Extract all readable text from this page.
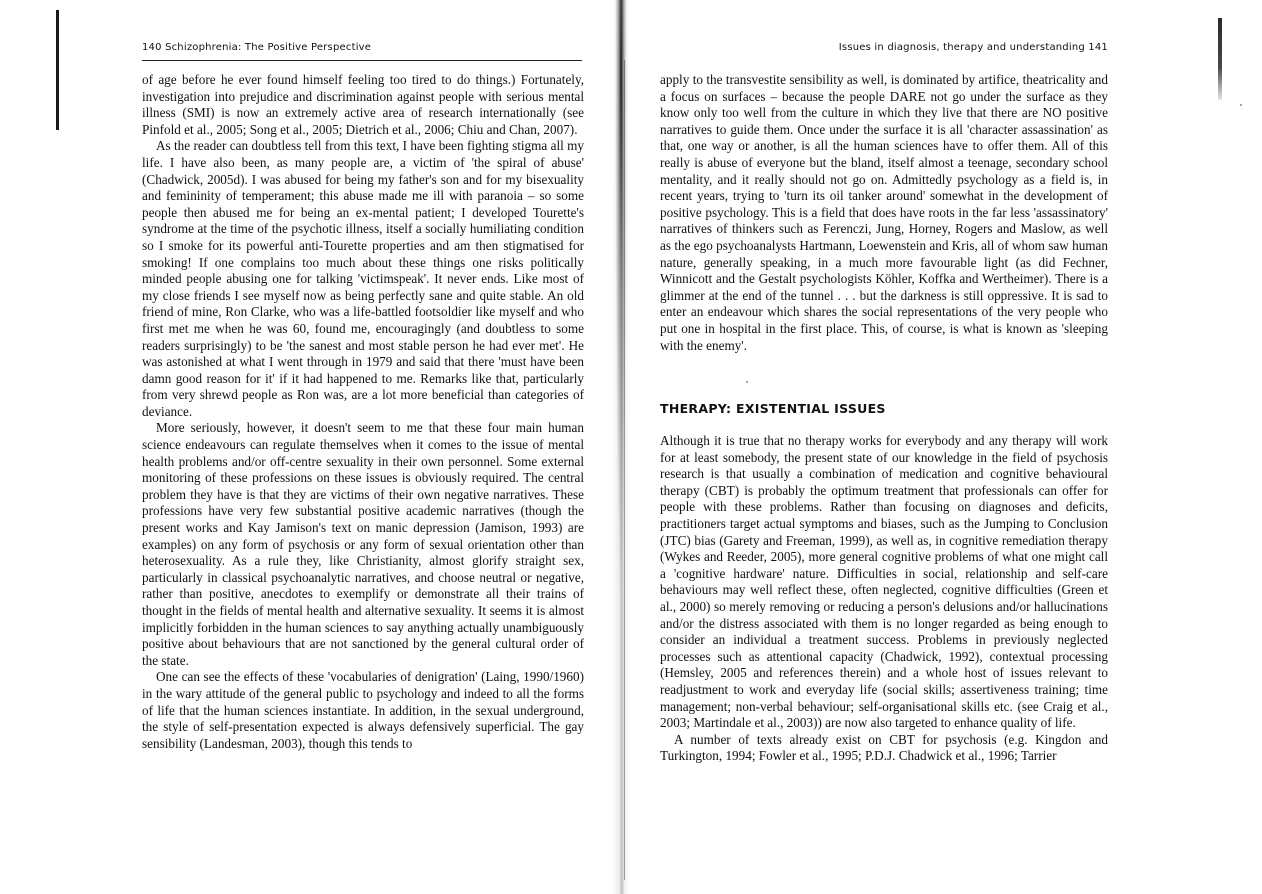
140 Schizophrenia: The Positive Perspective

of age before he ever found himself feeling too tired to do things.) Fortunately, investigation into prejudice and discrimination against people with serious mental illness (SMI) is now an extremely active area of research internationally (see Pinfold et al., 2005; Song et al., 2005; Dietrich et al., 2006; Chiu and Chan, 2007).

As the reader can doubtless tell from this text, I have been fighting stigma all my life. I have also been, as many people are, a victim of 'the spiral of abuse' (Chadwick, 2005d). I was abused for being my father's son and for my bisexuality and femininity of temperament; this abuse made me ill with paranoia – so some people then abused me for being an ex-mental patient; I developed Tourette's syndrome at the time of the psychotic illness, itself a socially humiliating condition so I smoke for its powerful anti-Tourette properties and am then stigmatised for smoking! If one complains too much about these things one risks politically minded people abusing one for talking 'victimspeak'. It never ends. Like most of my close friends I see myself now as being perfectly sane and quite stable. An old friend of mine, Ron Clarke, who was a life-battled footsoldier like myself and who first met me when he was 60, found me, encouragingly (and doubtless to some readers surprisingly) to be 'the sanest and most stable person he had ever met'. He was astonished at what I went through in 1979 and said that there 'must have been damn good reason for it' if it had happened to me. Remarks like that, particularly from very shrewd people as Ron was, are a lot more beneficial than categories of deviance.

More seriously, however, it doesn't seem to me that these four main human science endeavours can regulate themselves when it comes to the issue of mental health problems and/or off-centre sexuality in their own personnel. Some external monitoring of these professions on these issues is obviously required. The central problem they have is that they are victims of their own negative narratives. These professions have very few substantial positive academic narratives (though the present works and Kay Jamison's text on manic depression (Jamison, 1993) are examples) on any form of psychosis or any form of sexual orientation other than heterosexuality. As a rule they, like Christianity, almost glorify straight sex, particularly in classical psychoanalytic narratives, and choose neutral or negative, rather than positive, anecdotes to exemplify or demonstrate all their trains of thought in the fields of mental health and alternative sexuality. It seems it is almost implicitly forbidden in the human sciences to say anything actually unambiguously positive about behaviours that are not sanctioned by the general cultural order of the state.

One can see the effects of these 'vocabularies of denigration' (Laing, 1990/1960) in the wary attitude of the general public to psychology and indeed to all the forms of life that the human sciences instantiate. In addition, in the sexual underground, the style of self-presentation expected is always defensively superficial. The gay sensibility (Landesman, 2003), though this tends to

Issues in diagnosis, therapy and understanding 141

apply to the transvestite sensibility as well, is dominated by artifice, theatricality and a focus on surfaces – because the people DARE not go under the surface as they know only too well from the culture in which they live that there are NO positive narratives to guide them. Once under the surface it is all 'character assassination' as that, one way or another, is all the human sciences have to offer them. All of this really is abuse of everyone but the bland, itself almost a teenage, secondary school mentality, and it really should not go on. Admittedly psychology as a field is, in recent years, trying to 'turn its oil tanker around' somewhat in the development of positive psychology. This is a field that does have roots in the far less 'assassinatory' narratives of thinkers such as Ferenczi, Jung, Horney, Rogers and Maslow, as well as the ego psychoanalysts Hartmann, Loewenstein and Kris, all of whom saw human nature, generally speaking, in a much more favourable light (as did Fechner, Winnicott and the Gestalt psychologists Köhler, Koffka and Wertheimer). There is a glimmer at the end of the tunnel . . . but the darkness is still oppressive. It is sad to enter an endeavour which shares the social representations of the very people who put one in hospital in the first place. This, of course, is what is known as 'sleeping with the enemy'.

THERAPY: EXISTENTIAL ISSUES

Although it is true that no therapy works for everybody and any therapy will work for at least somebody, the present state of our knowledge in the field of psychosis research is that usually a combination of medication and cognitive behavioural therapy (CBT) is probably the optimum treatment that professionals can offer for people with these problems. Rather than focusing on diagnoses and deficits, practitioners target actual symptoms and biases, such as the Jumping to Conclusion (JTC) bias (Garety and Freeman, 1999), as well as, in cognitive remediation therapy (Wykes and Reeder, 2005), more general cognitive problems of what one might call a 'cognitive hardware' nature. Difficulties in social, relationship and self-care behaviours may well reflect these, often neglected, cognitive difficulties (Green et al., 2000) so merely removing or reducing a person's delusions and/or hallucinations and/or the distress associated with them is no longer regarded as being enough to consider an individual a treatment success. Problems in previously neglected processes such as attentional capacity (Chadwick, 1992), contextual processing (Hemsley, 2005 and references therein) and a whole host of issues relevant to readjustment to work and everyday life (social skills; assertiveness training; time management; non-verbal behaviour; self-organisational skills etc. (see Craig et al., 2003; Martindale et al., 2003)) are now also targeted to enhance quality of life.

A number of texts already exist on CBT for psychosis (e.g. Kingdon and Turkington, 1994; Fowler et al., 1995; P.D.J. Chadwick et al., 1996; Tarrier
